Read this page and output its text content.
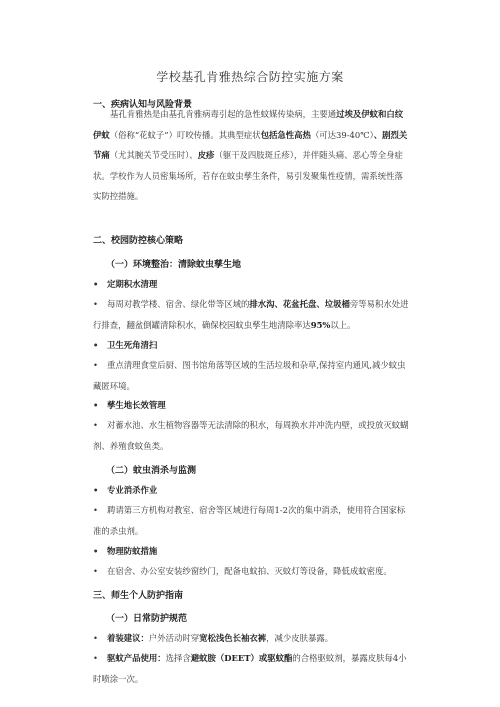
学校基孔肯雅热综合防控实施方案
一、疾病认知与风险背景

基孔肯雅热是由基孔肯雅病毒引起的急性蚊媒传染病，主要通过埃及伊蚊和白纹伊蚊（俗称“花蚊子”）叮咬传播。其典型症状包括急性高热（可达39-40℃）、剧烈关节痛（尤其腕关节受压时）、皮疹（躯干及四肢斑丘疹），并伴随头痛、恶心等全身症状。学校作为人员密集场所，若存在蚊虫孳生条件，易引发聚集性疫情，需系统性落实防控措施。

二、校园防控核心策略
（一）环境整治：清除蚊虫孳生地

• 定期积水清理

• 每周对教学楼、宿舍、绿化带等区域的排水沟、花盆托盘、垃圾桶旁等易积水处进行排查，翻盆倒罐清除积水，确保校园蚊虫孳生地清除率达95%以上。

• 卫生死角清扫

• 重点清理食堂后厨、图书馆角落等区域的生活垃圾和杂草,保持室内通风,减少蚊虫藏匿环境。

• 孳生地长效管理

• 对蓄水池、水生植物容器等无法清除的积水，每周换水并冲洗内壁，或投放灭蚊蝴剂、养殖食蚊鱼类。

（二）蚊虫消杀与监测

• 专业消杀作业

• 聘请第三方机构对教室、宿舍等区域进行每周1-2次的集中消杀，使用符合国家标准的杀虫剂。

• 物理防蚊措施

• 在宿舍、办公室安装纱窗纱门，配备电蚊拍、灭蚊灯等设备，降低成蚊密度。

三、师生个人防护指南
（一）日常防护规范

• 着装建议：户外活动时穿宽松浅色长袖衣裤，减少皮肤暴露。

• 驱蚊产品使用：选择含避蚊胺（DEET）或驱蚊酯的合格驱蚊剂，暴露皮肤每4小时喷涂一次。
